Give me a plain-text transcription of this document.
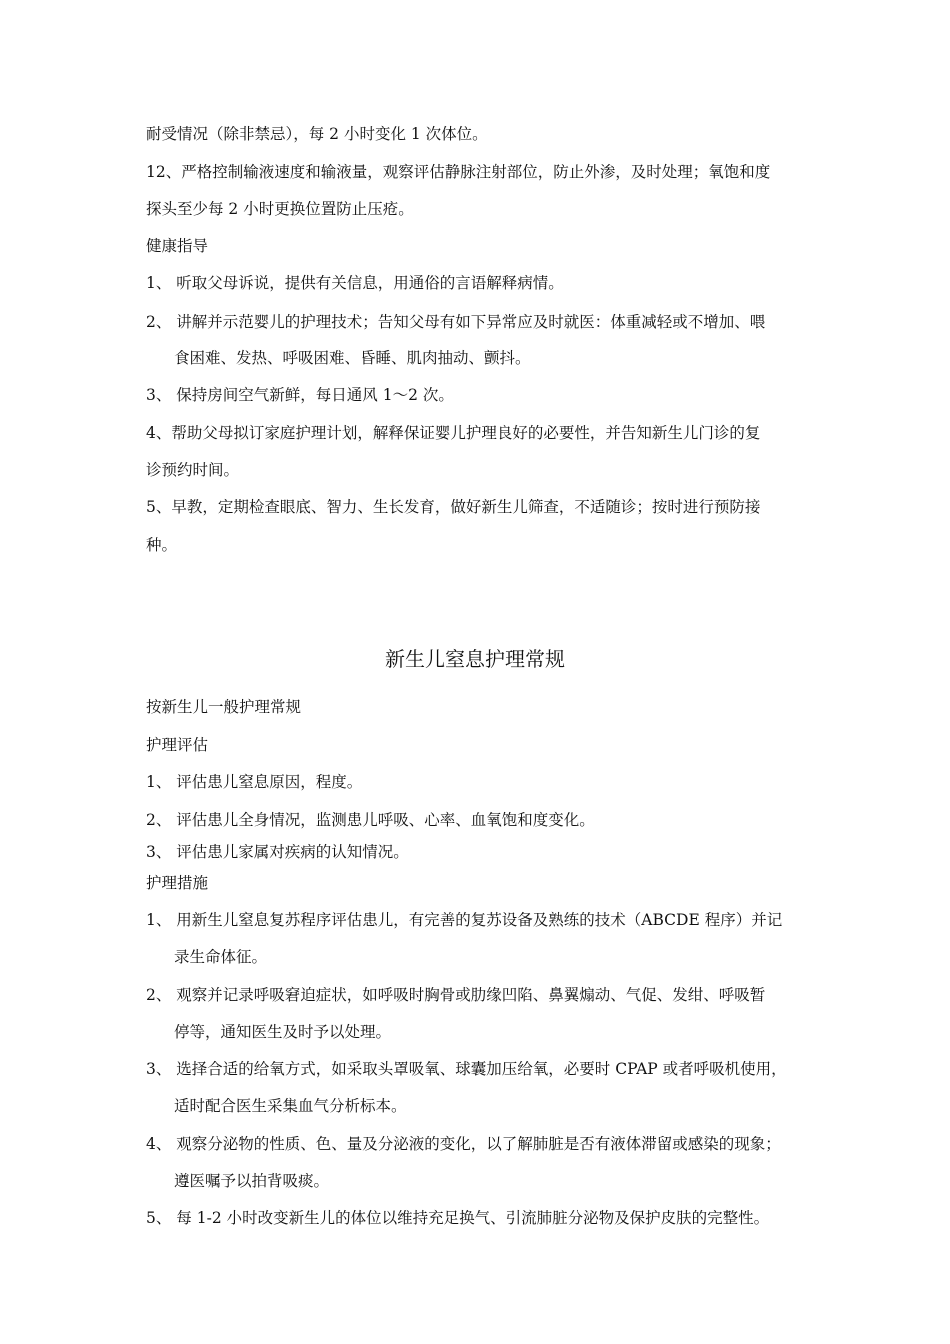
耐受情况（除非禁忌），每 2 小时变化 1 次体位。
12、严格控制输液速度和输液量，观察评估静脉注射部位，防止外渗，及时处理；氧饱和度
探头至少每 2 小时更换位置防止压疮。
健康指导
1、 听取父母诉说，提供有关信息，用通俗的言语解释病情。
2、 讲解并示范婴儿的护理技术；告知父母有如下异常应及时就医：体重减轻或不增加、喂
食困难、发热、呼吸困难、昏睡、肌肉抽动、颤抖。
3、 保持房间空气新鲜，每日通风 1～2 次。
4、帮助父母拟订家庭护理计划，解释保证婴儿护理良好的必要性，并告知新生儿门诊的复
诊预约时间。
5、早教，定期检查眼底、智力、生长发育，做好新生儿筛查，不适随诊；按时进行预防接
种。
新生儿窒息护理常规
按新生儿一般护理常规
护理评估
1、 评估患儿窒息原因，程度。
2、 评估患儿全身情况，监测患儿呼吸、心率、血氧饱和度变化。
3、 评估患儿家属对疾病的认知情况。
护理措施
1、 用新生儿窒息复苏程序评估患儿，有完善的复苏设备及熟练的技术（ABCDE 程序）并记
录生命体征。
2、 观察并记录呼吸窘迫症状，如呼吸时胸骨或肋缘凹陷、鼻翼煽动、气促、发绀、呼吸暂
停等，通知医生及时予以处理。
3、 选择合适的给氧方式，如采取头罩吸氧、球囊加压给氧，必要时 CPAP 或者呼吸机使用，
适时配合医生采集血气分析标本。
4、 观察分泌物的性质、色、量及分泌液的变化，以了解肺脏是否有液体滞留或感染的现象；
遵医嘱予以拍背吸痰。
5、 每 1-2 小时改变新生儿的体位以维持充足换气、引流肺脏分泌物及保护皮肤的完整性。
